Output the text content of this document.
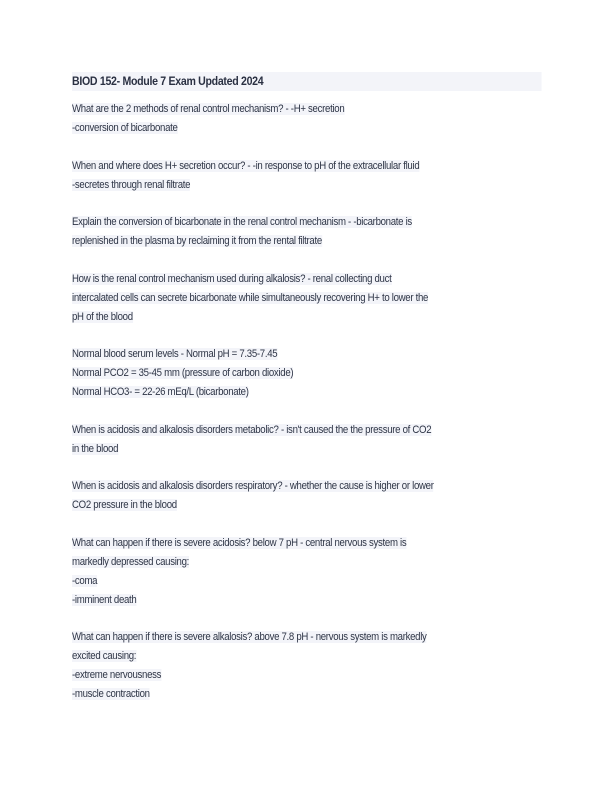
BIOD 152- Module 7 Exam Updated 2024
What are the 2 methods of renal control mechanism? - -H+ secretion
-conversion of bicarbonate
When and where does H+ secretion occur? - -in response to pH of the extracellular fluid
-secretes through renal filtrate
Explain the conversion of bicarbonate in the renal control mechanism - -bicarbonate is
replenished in the plasma by reclaiming it from the rental filtrate
How is the renal control mechanism used during alkalosis? - renal collecting duct
intercalated cells can secrete bicarbonate while simultaneously recovering H+ to lower the
pH of the blood
Normal blood serum levels - Normal pH = 7.35-7.45
Normal PCO2 = 35-45 mm (pressure of carbon dioxide)
Normal HCO3- = 22-26 mEq/L (bicarbonate)
When is acidosis and alkalosis disorders metabolic? - isn't caused the the pressure of CO2
in the blood
When is acidosis and alkalosis disorders respiratory? - whether the cause is higher or lower
CO2 pressure in the blood
What can happen if there is severe acidosis? below 7 pH - central nervous system is
markedly depressed causing:
-coma
-imminent death
What can happen if there is severe alkalosis? above 7.8 pH - nervous system is markedly
excited causing:
-extreme nervousness
-muscle contraction
